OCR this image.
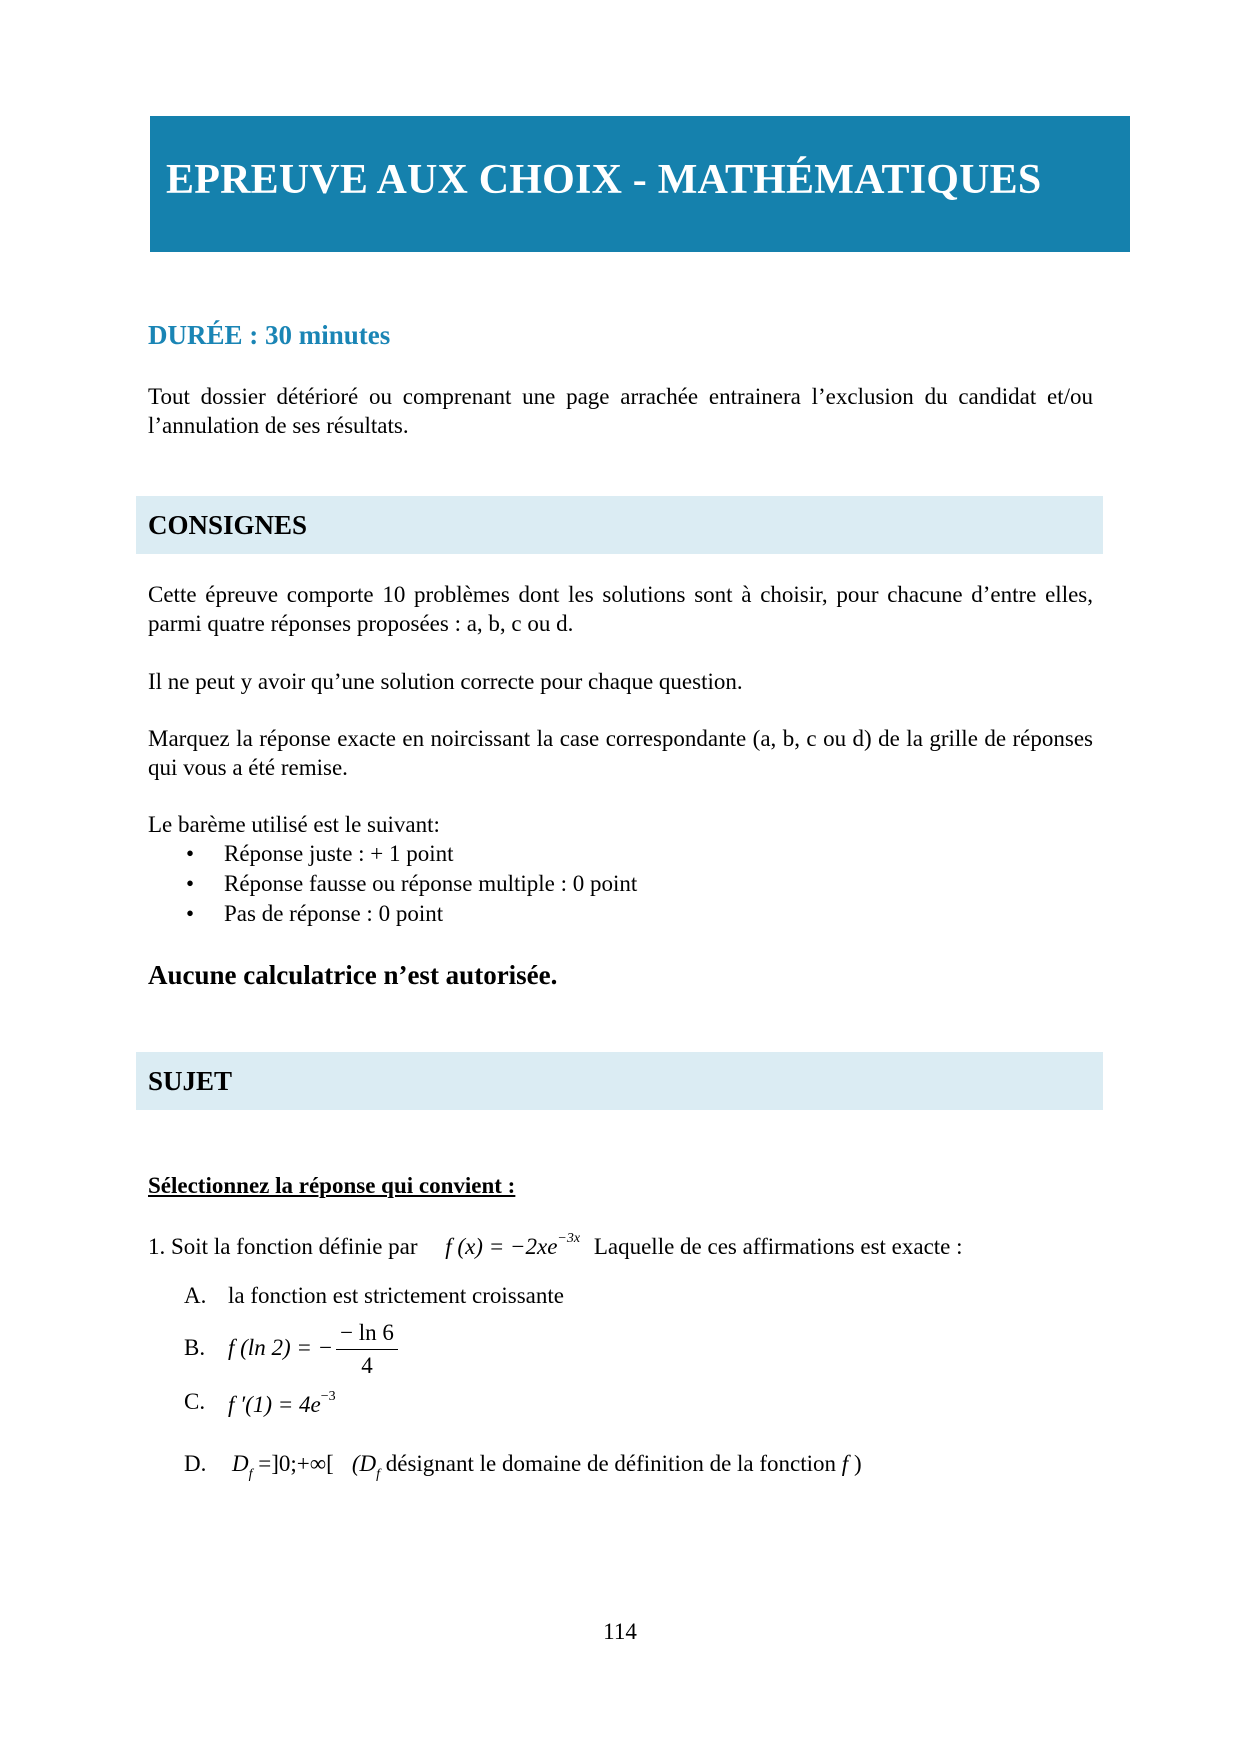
EPREUVE AUX CHOIX - MATHÉMATIQUES
DURÉE : 30 minutes
Tout dossier détérioré ou comprenant une page arrachée entrainera l’exclusion du candidat et/ou l’annulation de ses résultats.
CONSIGNES
Cette épreuve comporte 10 problèmes dont les solutions sont à choisir, pour chacune d’entre elles, parmi quatre réponses proposées : a, b, c ou d.
Il ne peut y avoir qu’une solution correcte pour chaque question.
Marquez la réponse exacte en noircissant la case correspondante (a, b, c ou d) de la grille de réponses qui vous a été remise.
Le barème utilisé est le suivant:
• Réponse juste : + 1 point
• Réponse fausse ou réponse multiple : 0 point
• Pas de réponse : 0 point
Aucune calculatrice n’est autorisée.
SUJET
Sélectionnez la réponse qui convient :
1. Soit la fonction définie par f $(x) = -2xe^{-3x}$ Laquelle de ces affirmations est exacte :
A. la fonction est strictement croissante
B. f (ln 2) = −
− ln 6
4
C. f $'(1) = 4e^{-3}$
D. $D_f$ =]0;+∞[ ($D_f$ désignant le domaine de définition de la fonction f )
114
